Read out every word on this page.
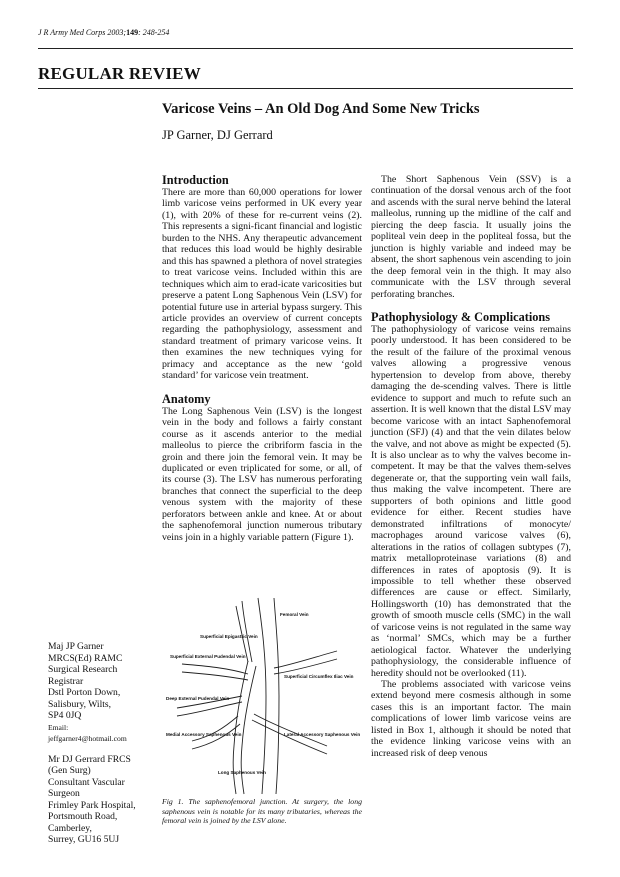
J R Army Med Corps 2003;149: 248-254
REGULAR REVIEW
Varicose Veins – An Old Dog And Some New Tricks
JP Garner, DJ Gerrard
Introduction

There are more than 60,000 operations for lower limb varicose veins performed in UK every year (1), with 20% of these for re-current veins (2). This represents a signi-ficant financial and logistic burden to the NHS. Any therapeutic advancement that reduces this load would be highly desirable and this has spawned a plethora of novel strategies to treat varicose veins. Included within this are techniques which aim to erad-icate varicosities but preserve a patent Long Saphenous Vein (LSV) for potential future use in arterial bypass surgery. This article provides an overview of current concepts regarding the pathophysiology, assessment and standard treatment of primary varicose veins. It then examines the new techniques vying for primacy and acceptance as the new ‘gold standard’ for varicose vein treatment.

Anatomy

The Long Saphenous Vein (LSV) is the longest vein in the body and follows a fairly constant course as it ascends anterior to the medial malleolus to pierce the cribriform fascia in the groin and there join the femoral vein. It may be duplicated or even triplicated for some, or all, of its course (3). The LSV has numerous perforating branches that connect the superficial to the deep venous system with the majority of these perforators between ankle and knee. At or about the saphenofemoral junction numerous tributary veins join in a highly variable pattern (Figure 1).

Femoral Vein
Superficial Epigastric Vein
Superficial External Pudendal Vein
Superficial Circumflex Iliac Vein
Deep External Pudendal Vein
Medial Accessory Saphenous Vein	Lateral Accessory Saphenous Vein
Long Saphenous Vein
Fig 1. The saphenofemoral junction. At surgery, the long saphenous vein is notable for its many tributaries, whereas the femoral vein is joined by the LSV alone.

The Short Saphenous Vein (SSV) is a continuation of the dorsal venous arch of the foot and ascends with the sural nerve behind the lateral malleolus, running up the midline of the calf and piercing the deep fascia. It usually joins the popliteal vein deep in the popliteal fossa, but the junction is highly variable and indeed may be absent, the short saphenous vein ascending to join the deep femoral vein in the thigh. It may also communicate with the LSV through several perforating branches.

Pathophysiology & Complications

The pathophysiology of varicose veins remains poorly understood. It has been considered to be the result of the failure of the proximal venous valves allowing a progressive venous hypertension to develop from above, thereby damaging the de-scending valves. There is little evidence to support and much to refute such an assertion. It is well known that the distal LSV may become varicose with an intact Saphenofemoral junction (SFJ) (4) and that the vein dilates below the valve, and not above as might be expected (5). It is also unclear as to why the valves become in-competent. It may be that the valves them-selves degenerate or, that the supporting vein wall fails, thus making the valve incompetent. There are supporters of both opinions and little good evidence for either. Recent studies have demonstrated infiltrations of monocyte/ macrophages around varicose valves (6), alterations in the ratios of collagen subtypes (7), matrix metalloproteinase variations (8) and differences in rates of apoptosis (9). It is impossible to tell whether these observed differences are cause or effect. Similarly, Hollingsworth (10) has demonstrated that the growth of smooth muscle cells (SMC) in the wall of varicose veins is not regulated in the same way as ‘normal’ SMCs, which may be a further aetiological factor. Whatever the underlying pathophysiology, the considerable influence of heredity should not be overlooked (11).

The problems associated with varicose veins extend beyond mere cosmesis although in some cases this is an important factor. The main complications of lower limb varicose veins are listed in Box 1, although it should be noted that the evidence linking varicose veins with an increased risk of deep venous

Maj JP Garner

MRCS(Ed) RAMC

Surgical Research

Registrar

Dstl Porton Down,

Salisbury, Wilts,

SP4 0JQ

Email:

jeffgarner4@hotmail.com

Mr DJ Gerrard FRCS

(Gen Surg)

Consultant Vascular

Surgeon

Frimley Park Hospital,

Portsmouth Road,

Camberley,

Surrey, GU16 5UJ
